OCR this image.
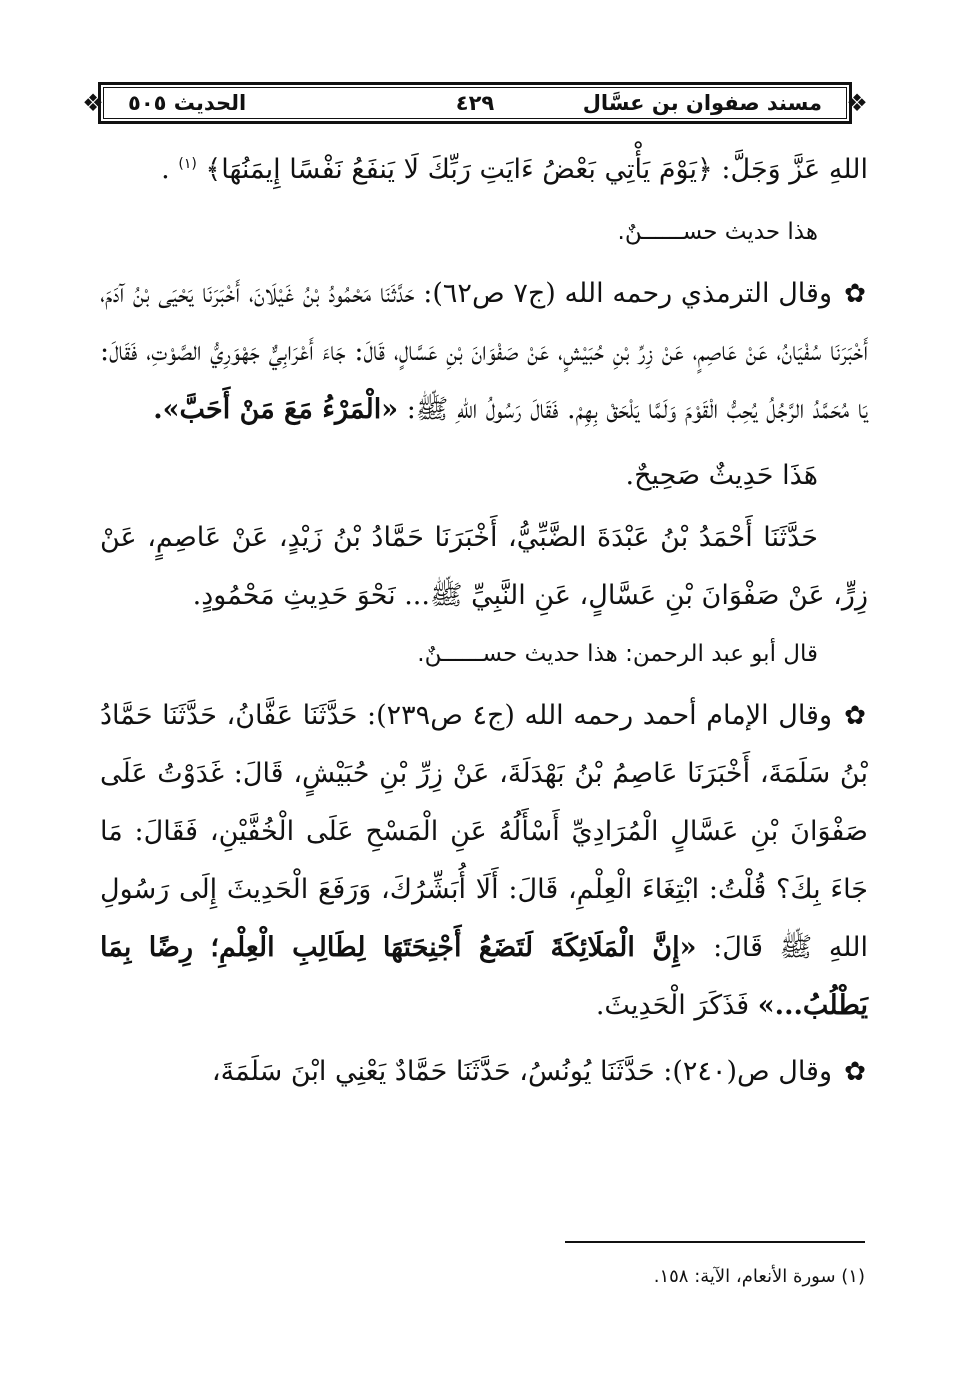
❖	❖
مسند صفوان بن عسَّال
٤٢٩
الحديث ٥٠٥

اللهِ عَزَّ وَجَلَّ: ﴿يَوْمَ يَأْتِي بَعْضُ ءَايَتِ رَبِّكَ لَا يَنفَعُ نَفْسًا إِيمَنُهَا﴾ $^{(١)}$ .

هذا حديث حســــــنٌ.

✿وقال الترمذي رحمه الله (ج٧ ص٦٢): حَدَّثَنَا مَحْمُودُ بْنُ غَيْلَانَ، أَخْبَرَنَا يَحْيَى بْنُ آدَمَ، أَخْبَرَنَا سُفْيَانُ، عَنْ عَاصِمٍ، عَنْ زِرِّ بْنِ حُبَيْشٍ، عَنْ صَفْوَانَ بْنِ عَسَّالٍ، قَالَ: جَاءَ أَعْرَابِيٌّ جَهْوَرِيُّ الصَّوْتِ، فَقَالَ: يَا مُحَمَّدُ الرَّجُلُ يُحِبُّ الْقَوْمَ وَلَمَّا يَلْحَقْ بِهِمْ. فَقَالَ رَسُولُ اللهِ ﷺ: «الْمَرْءُ مَعَ مَنْ أَحَبَّ».

هَذَا حَدِيثٌ صَحِيحٌ.

حَدَّثَنَا أَحْمَدُ بْنُ عَبْدَةَ الضَّبِّيُّ، أَخْبَرَنَا حَمَّادُ بْنُ زَيْدٍ، عَنْ عَاصِمٍ، عَنْ زِرٍّ، عَنْ صَفْوَانَ بْنِ عَسَّالٍ، عَنِ النَّبِيِّ ﷺ... نَحْوَ حَدِيثِ مَحْمُودٍ.

قال أبو عبد الرحمن: هذا حديث حســــــنٌ.

✿وقال الإمام أحمد رحمه الله (ج٤ ص٢٣٩): حَدَّثَنَا عَفَّانُ، حَدَّثَنَا حَمَّادُ بْنُ سَلَمَةَ، أَخْبَرَنَا عَاصِمُ بْنُ بَهْدَلَةَ، عَنْ زِرِّ بْنِ حُبَيْشٍ، قَالَ: غَدَوْتُ عَلَى صَفْوَانَ بْنِ عَسَّالٍ الْمُرَادِيِّ أَسْأَلُهُ عَنِ الْمَسْحِ عَلَى الْخُفَّيْنِ، فَقَالَ: مَا جَاءَ بِكَ؟ قُلْتُ: ابْتِغَاءَ الْعِلْمِ، قَالَ: أَلَا أُبَشِّرُكَ، وَرَفَعَ الْحَدِيثَ إِلَى رَسُولِ اللهِ ﷺ قَالَ: «إِنَّ الْمَلَائِكَةَ لَتَضَعُ أَجْنِحَتَهَا لِطَالِبِ الْعِلْمِ؛ رِضًا بِمَا يَطْلُبُ...» فَذَكَرَ الْحَدِيثَ.

✿وقال ص(٢٤٠): حَدَّثَنَا يُونُسُ، حَدَّثَنَا حَمَّادٌ يَعْنِي ابْنَ سَلَمَةَ،

(١) سورة الأنعام، الآية: ١٥٨.
